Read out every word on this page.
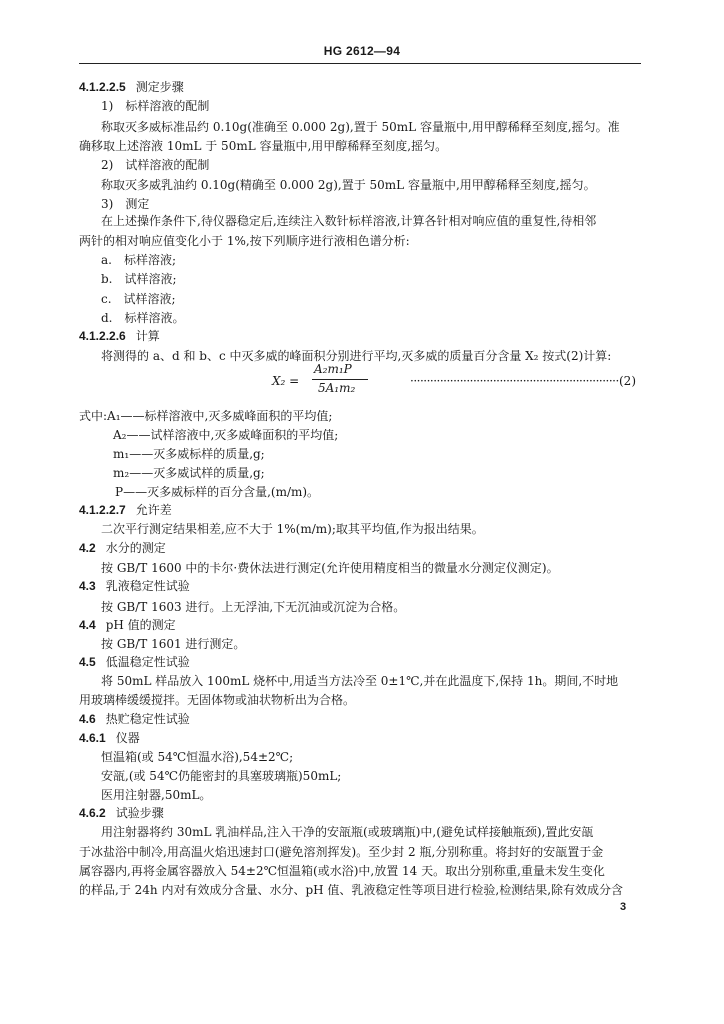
HG 2612—94
4.1.2.2.5 测定步骤
1)　标样溶液的配制
称取灭多威标准品约 0.10g(准确至 0.000 2g),置于 50mL 容量瓶中,用甲醇稀释至刻度,摇匀。准
确移取上述溶液 10mL 于 50mL 容量瓶中,用甲醇稀释至刻度,摇匀。
2)　试样溶液的配制
称取灭多威乳油约 0.10g(精确至 0.000 2g),置于 50mL 容量瓶中,用甲醇稀释至刻度,摇匀。
3)　测定
在上述操作条件下,待仪器稳定后,连续注入数针标样溶液,计算各针相对响应值的重复性,待相邻
两针的相对响应值变化小于 1%,按下列顺序进行液相色谱分析:
a.　标样溶液;
b.　试样溶液;
c.　试样溶液;
d.　标样溶液。
4.1.2.2.6 计算
将测得的 a、d 和 b、c 中灭多威的峰面积分别进行平均,灭多威的质量百分含量 X₂ 按式(2)计算:
式中:A₁——标样溶液中,灭多威峰面积的平均值;
A₂——试样溶液中,灭多威峰面积的平均值;
m₁——灭多威标样的质量,g;
m₂——灭多威试样的质量,g;
P——灭多威标样的百分含量,(m/m)。
4.1.2.2.7 允许差
二次平行测定结果相差,应不大于 1%(m/m);取其平均值,作为报出结果。
4.2 水分的测定
按 GB/T 1600 中的卡尔·费休法进行测定(允许使用精度相当的微量水分测定仪测定)。
4.3 乳液稳定性试验
按 GB/T 1603 进行。上无浮油,下无沉油或沉淀为合格。
4.4 pH 值的测定
按 GB/T 1601 进行测定。
4.5 低温稳定性试验
将 50mL 样品放入 100mL 烧杯中,用适当方法冷至 0±1℃,并在此温度下,保持 1h。期间,不时地
用玻璃棒缓缓搅拌。无固体物或油状物析出为合格。
4.6 热贮稳定性试验
4.6.1 仪器
恒温箱(或 54℃恒温水浴),54±2℃;
安瓿,(或 54℃仍能密封的具塞玻璃瓶)50mL;
医用注射器,50mL。
4.6.2 试验步骤
用注射器将约 30mL 乳油样品,注入干净的安瓿瓶(或玻璃瓶)中,(避免试样接触瓶颈),置此安瓿
于冰盐浴中制冷,用高温火焰迅速封口(避免溶剂挥发)。至少封 2 瓶,分别称重。将封好的安瓿置于金
属容器内,再将金属容器放入 54±2℃恒温箱(或水浴)中,放置 14 天。取出分别称重,重量未发生变化
的样品,于 24h 内对有效成分含量、水分、pH 值、乳液稳定性等项目进行检验,检测结果,除有效成分含
X₂ =
A₂m₁P
5A₁m₂	······························································· (2)
3
